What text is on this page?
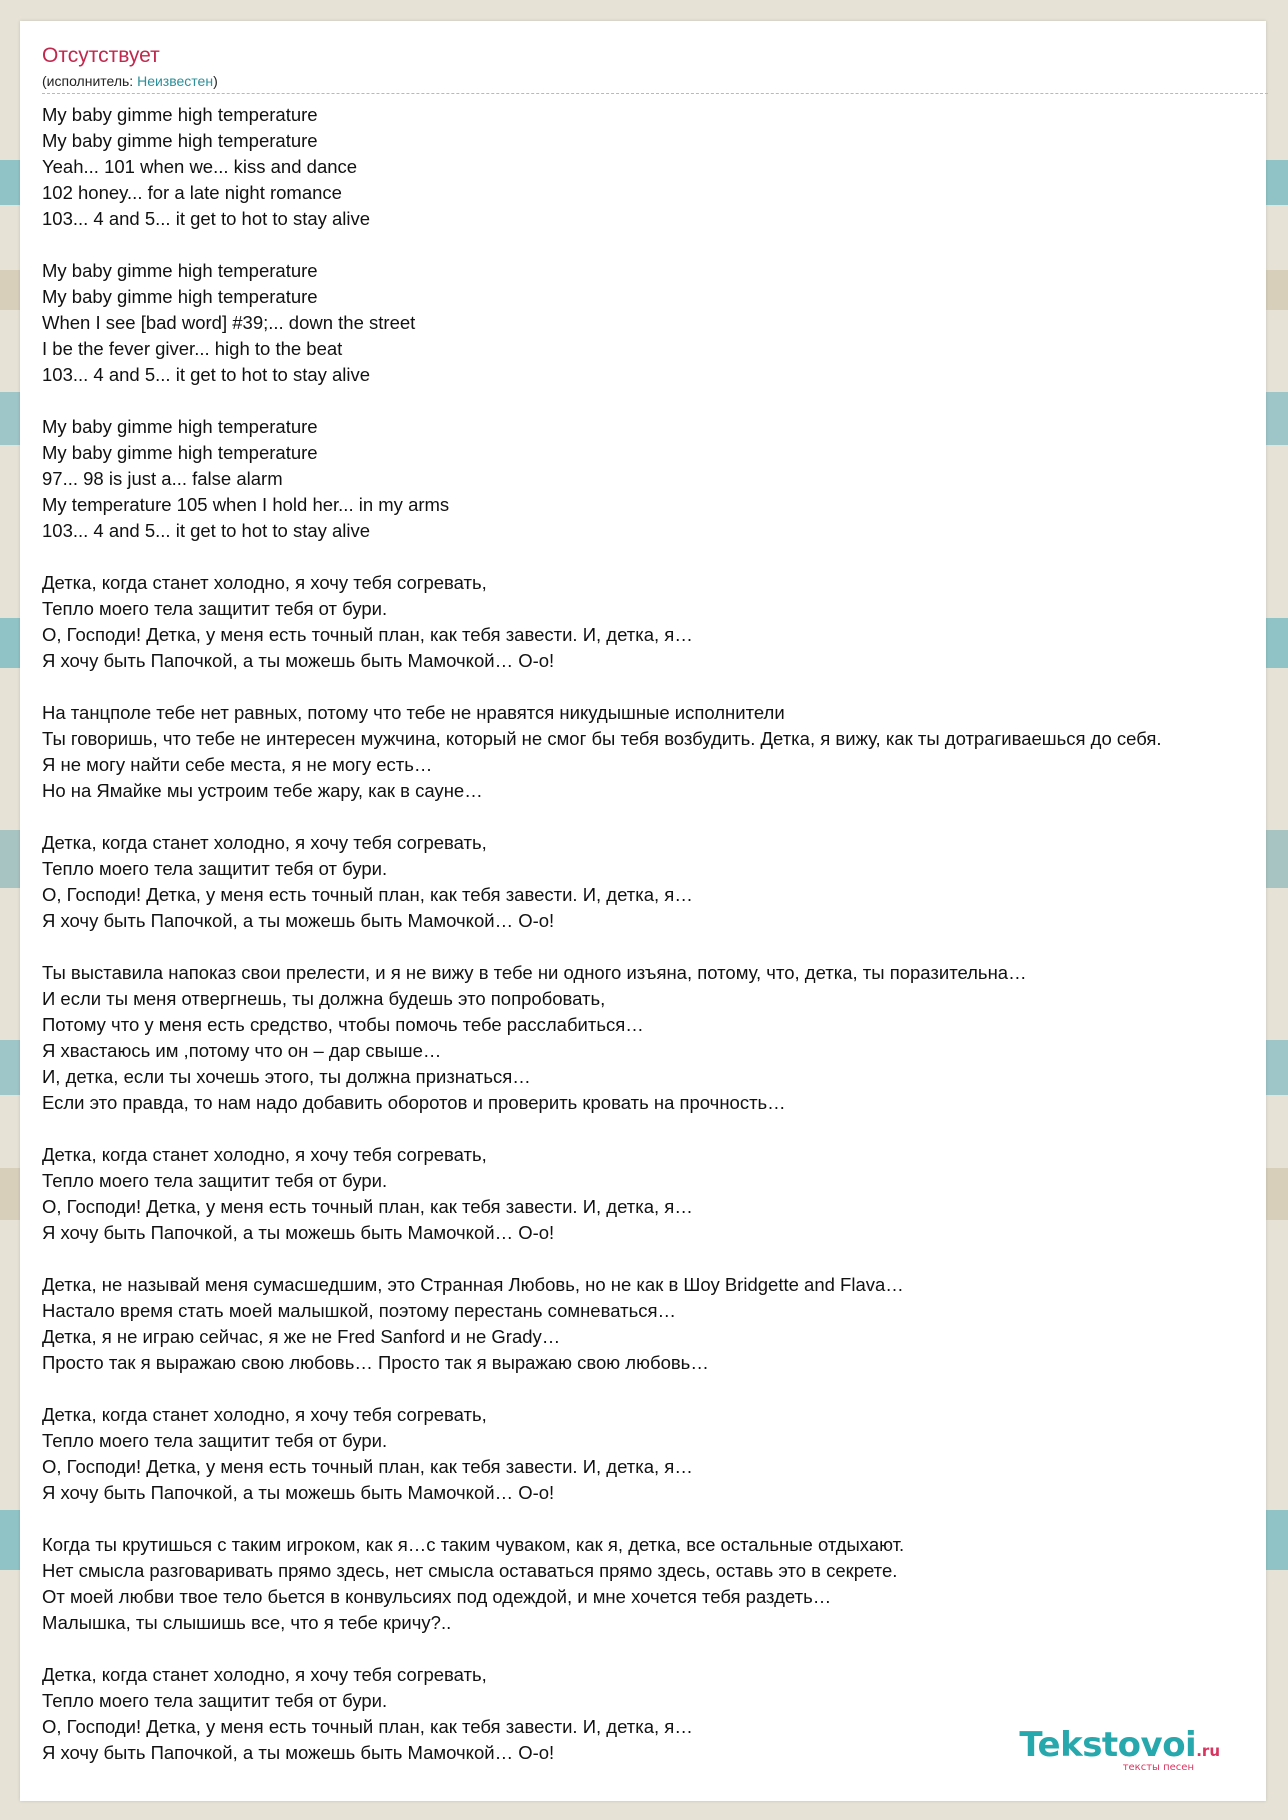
Отсутствует
(исполнитель: Неизвестен)
My baby gimme high temperature
My baby gimme high temperature
Yeah... 101 when we... kiss and dance
102 honey... for a late night romance
103... 4 and 5... it get to hot to stay alive
My baby gimme high temperature
My baby gimme high temperature
When I see [bad word] #39;... down the street
I be the fever giver... high to the beat
103... 4 and 5... it get to hot to stay alive
My baby gimme high temperature
My baby gimme high temperature
97... 98 is just a... false alarm
My temperature 105 when I hold her... in my arms
103... 4 and 5... it get to hot to stay alive
Детка, когда станет холодно, я хочу тебя согревать,
Тепло моего тела защитит тебя от бури.
О, Господи! Детка, у меня есть точный план, как тебя завести. И, детка, я…
Я хочу быть Папочкой, а ты можешь быть Мамочкой… О-о!
На танцполе тебе нет равных, потому что тебе не нравятся никудышные исполнители
Ты говоришь, что тебе не интересен мужчина, который не смог бы тебя возбудить. Детка, я вижу, как ты дотрагиваешься до себя.
Я не могу найти себе места, я не могу есть…
Но на Ямайке мы устроим тебе жару, как в сауне…
Детка, когда станет холодно, я хочу тебя согревать,
Тепло моего тела защитит тебя от бури.
О, Господи! Детка, у меня есть точный план, как тебя завести. И, детка, я…
Я хочу быть Папочкой, а ты можешь быть Мамочкой… О-о!
Ты выставила напоказ свои прелести, и я не вижу в тебе ни одного изъяна, потому, что, детка, ты поразительна…
И если ты меня отвергнешь, ты должна будешь это попробовать,
Потому что у меня есть средство, чтобы помочь тебе расслабиться…
Я хвастаюсь им ,потому что он – дар свыше…
И, детка, если ты хочешь этого, ты должна признаться…
Если это правда, то нам надо добавить оборотов и проверить кровать на прочность…
Детка, когда станет холодно, я хочу тебя согревать,
Тепло моего тела защитит тебя от бури.
О, Господи! Детка, у меня есть точный план, как тебя завести. И, детка, я…
Я хочу быть Папочкой, а ты можешь быть Мамочкой… О-о!
Детка, не называй меня сумасшедшим, это Странная Любовь, но не как в Шоу Bridgette and Flava…
Настало время стать моей малышкой, поэтому перестань сомневаться…
Детка, я не играю сейчас, я же не Fred Sanford и не Grady…
Просто так я выражаю свою любовь… Просто так я выражаю свою любовь…
Детка, когда станет холодно, я хочу тебя согревать,
Тепло моего тела защитит тебя от бури.
О, Господи! Детка, у меня есть точный план, как тебя завести. И, детка, я…
Я хочу быть Папочкой, а ты можешь быть Мамочкой… О-о!
Когда ты крутишься с таким игроком, как я…с таким чуваком, как я, детка, все остальные отдыхают.
Нет смысла разговаривать прямо здесь, нет смысла оставаться прямо здесь, оставь это в секрете.
От моей любви твое тело бьется в конвульсиях под одеждой, и мне хочется тебя раздеть…
Малышка, ты слышишь все, что я тебе кричу?..
Детка, когда станет холодно, я хочу тебя согревать,
Тепло моего тела защитит тебя от бури.
О, Господи! Детка, у меня есть точный план, как тебя завести. И, детка, я…
Я хочу быть Папочкой, а ты можешь быть Мамочкой… О-о!	Tekstovoi.ru
тексты песен
